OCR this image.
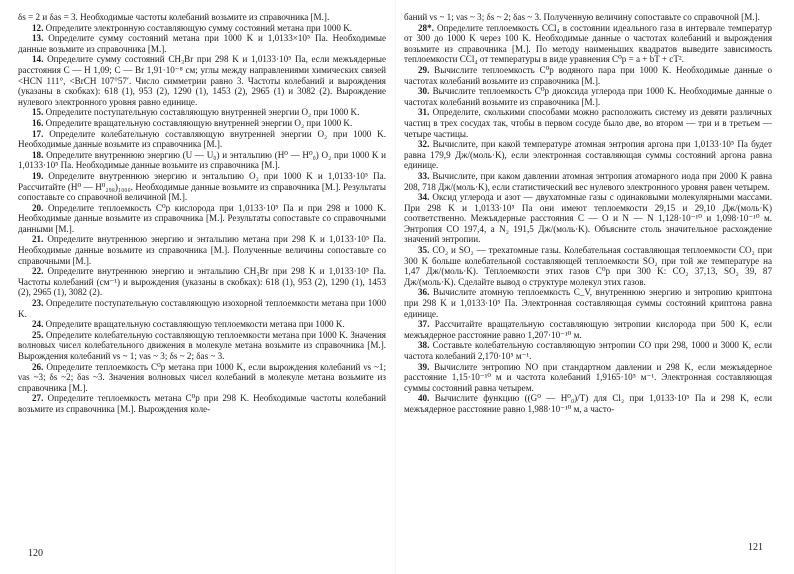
δs = 2 и δas = 3. Необходимые частоты колебаний возьмите из справочника [М.].

12. Определите электронную составляющую сумму состояний метана при 1000 K.

13. Определите сумму состояний метана при 1000 K и 1,0133×10⁵ Па. Необходимые данные возьмите из справочника [М.].

14. Определите сумму состояний CH₃Br при 298 K и 1,0133·10⁵ Па, если межъядерные расстояния C — H 1,09; C — Br 1,91·10⁻⁸ см; углы между направлениями химических связей <HCN 111°, <BrCH 107°57′. Число симметрии равно 3. Частоты колебаний и вырождения (указаны в скобках): 618 (1), 953 (2), 1290 (1), 1453 (2), 2965 (1) и 3082 (2). Вырождение нулевого электронного уровня равно единице.

15. Определите поступательную составляющую внутренней энергии O₂ при 1000 K.

16. Определите вращательную составляющую внутренней энергии O₂ при 1000 K.

17. Определите колебательную составляющую внутренней энергии O₂ при 1000 K. Необходимые данные возьмите из справочника [М.].

18. Определите внутреннюю энергию (U — U₀) и энтальпию (H⁰ — H⁰₀) O₂ при 1000 K и 1,0133·10⁵ Па. Необходимые данные возьмите из справочника [М.].

19. Определите внутреннюю энергию и энтальпию O₂ при 1000 K и 1,0133·10⁵ Па. Рассчитайте (H⁰ — H⁰₂₉₈)₁₀₀₀. Необходимые данные возьмите из справочника [М.]. Результаты сопоставьте со справочной величиной [М.].

20. Определите теплоемкость C⁰p кислорода при 1,0133·10⁵ Па и при 298 и 1000 K. Необходимые данные возьмите из справочника [М.]. Результаты сопоставьте со справочными данными [М.].

21. Определите внутреннюю энергию и энтальпию метана при 298 K и 1,0133·10⁵ Па. Необходимые данные возьмите из справочника [М.]. Полученные величины сопоставьте со справочными [М.].

22. Определите внутреннюю энергию и энтальпию CH₃Br при 298 K и 1,0133·10⁵ Па. Частоты колебаний (см⁻¹) и вырождения (указаны в скобках): 618 (1), 953 (2), 1290 (1), 1453 (2), 2965 (1), 3082 (2).

23. Определите поступательную составляющую изохорной теплоемкости метана при 1000 K.

24. Определите вращательную составляющую теплоемкости метана при 1000 K.

25. Определите колебательную составляющую теплоемкости метана при 1000 K. Значения волновых чисел колебательного движения в молекуле метана возьмите из справочника [М.]. Вырождения колебаний νs ~ 1; νas ~ 3; δs ~ 2; δas ~ 3.

26. Определите теплоемкость C⁰p метана при 1000 K, если вырождения колебаний νs ~1; νas ~3; δs ~2; δas ~3. Значения волновых чисел колебаний в молекуле метана возьмите из справочника [М.].

27. Определите теплоемкость метана C⁰p при 298 K. Необходимые частоты колебаний возьмите из справочника [М.]. Вырождения коле-

баний νs ~ 1; νas ~ 3; δs ~ 2; δas ~ 3. Полученную величину сопоставьте со справочной [М.].

28*. Определите теплоемкость CCl₄ в состоянии идеального газа в интервале температур от 300 до 1000 K через 100 K. Необходимые данные о частотах колебаний и вырождения возьмите из справочника [М.]. По методу наименьших квадратов выведите зависимость теплоемкости CCl₄ от температуры в виде уравнения C⁰p = a + bT + cT².

29. Вычислите теплоемкость C⁰p водяного пара при 1000 K. Необходимые данные о частотах колебаний возьмите из справочника [М.].

30. Вычислите теплоемкость C⁰p диоксида углерода при 1000 K. Необходимые данные о частотах колебаний возьмите из справочника [М.].

31. Определите, сколькими способами можно расположить систему из девяти различных частиц в трех сосудах так, чтобы в первом сосуде было две, во втором — три и в третьем — четыре частицы.

32. Вычислите, при какой температуре атомная энтропия аргона при 1,0133·10⁵ Па будет равна 179,9 Дж/(моль·K), если электронная составляющая суммы состояний аргона равна единице.

33. Вычислите, при каком давлении атомная энтропия атомарного иода при 2000 K равна 208, 718 Дж/(моль·K), если статистический вес нулевого электронного уровня равен четырем.

34. Оксид углерода и азот — двухатомные газы с одинаковыми молекулярными массами. При 298 K и 1,0133·10⁵ Па они имеют теплоемкости 29,15 и 29,10 Дж/(моль·K) соответственно. Межъядерные расстояния C — O и N — N 1,128·10⁻¹⁰ и 1,098·10⁻¹⁰ м. Энтропия CO 197,4, а N₂ 191,5 Дж/(моль·K). Объясните столь значительное расхождение значений энтропии.

35. CO₂ и SO₂ — трехатомные газы. Колебательная составляющая теплоемкости CO₂ при 300 K больше колебательной составляющей теплоемкости SO₂ при той же температуре на 1,47 Дж/(моль·K). Теплоемкости этих газов C⁰p при 300 K: CO₂ 37,13, SO₂ 39, 87 Дж/(моль·K). Сделайте вывод о структуре молекул этих газов.

36. Вычислите атомную теплоемкость C_V, внутреннюю энергию и энтропию криптона при 298 K и 1,0133·10⁵ Па. Электронная составляющая суммы состояний криптона равна единице.

37. Рассчитайте вращательную составляющую энтропии кислорода при 500 K, если межъядерное расстояние равно 1,207·10⁻¹⁰ м.

38. Составьте колебательную составляющую энтропии CO при 298, 1000 и 3000 K, если частота колебаний 2,170·10⁵ м⁻¹.

39. Вычислите энтропию NO при стандартном давлении и 298 K, если межъядерное расстояние 1,15·10⁻¹⁰ м и частота колебаний 1,9165·10⁵ м⁻¹. Электронная составляющая суммы состояний равна четырем.

40. Вычислите функцию ((G⁰ — H⁰₀)/T) для Cl₂ при 1,0133·10⁵ Па и 298 K, если межъядерное расстояние равно 1,988·10⁻¹⁰ м, а часто-

120
121
